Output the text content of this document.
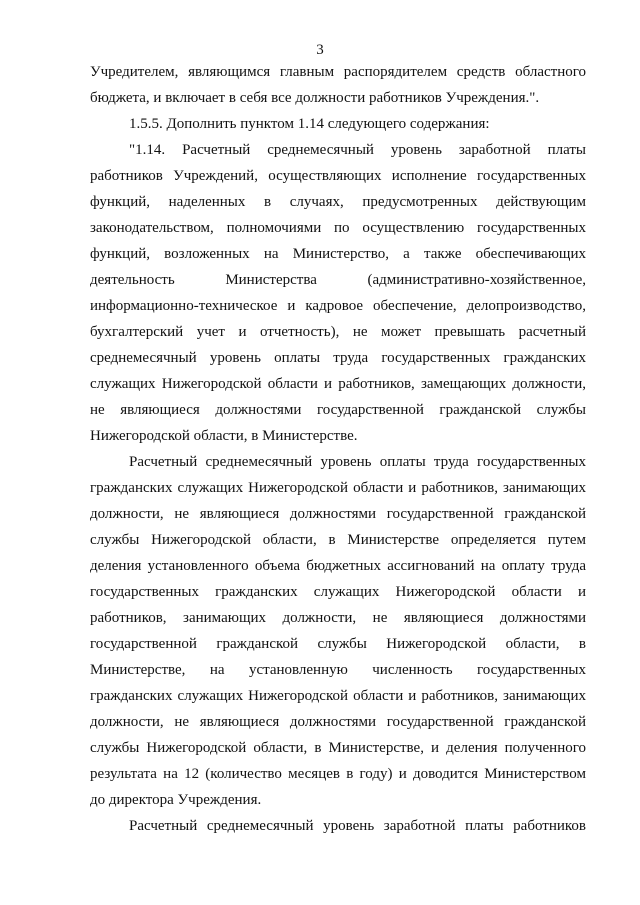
3
Учредителем, являющимся главным распорядителем средств областного
бюджета, и включает в себя все должности работников Учреждения.".
1.5.5. Дополнить пунктом 1.14 следующего содержания:
"1.14. Расчетный среднемесячный уровень заработной платы
работников Учреждений, осуществляющих исполнение государственных
функций, наделенных в случаях, предусмотренных действующим
законодательством, полномочиями по осуществлению государственных
функций, возложенных на Министерство, а также обеспечивающих
деятельность Министерства (административно-хозяйственное,
информационно-техническое и кадровое обеспечение, делопроизводство,
бухгалтерский учет и отчетность), не может превышать расчетный
среднемесячный уровень оплаты труда государственных гражданских
служащих Нижегородской области и работников, замещающих должности,
не являющиеся должностями государственной гражданской службы
Нижегородской области, в Министерстве.
Расчетный среднемесячный уровень оплаты труда государственных
гражданских служащих Нижегородской области и работников, занимающих
должности, не являющиеся должностями государственной гражданской
службы Нижегородской области, в Министерстве определяется путем
деления установленного объема бюджетных ассигнований на оплату труда
государственных гражданских служащих Нижегородской области и
работников, занимающих должности, не являющиеся должностями
государственной гражданской службы Нижегородской области, в
Министерстве, на установленную численность государственных
гражданских служащих Нижегородской области и работников, занимающих
должности, не являющиеся должностями государственной гражданской
службы Нижегородской области, в Министерстве, и деления полученного
результата на 12 (количество месяцев в году) и доводится Министерством
до директора Учреждения.
Расчетный среднемесячный уровень заработной платы работников
